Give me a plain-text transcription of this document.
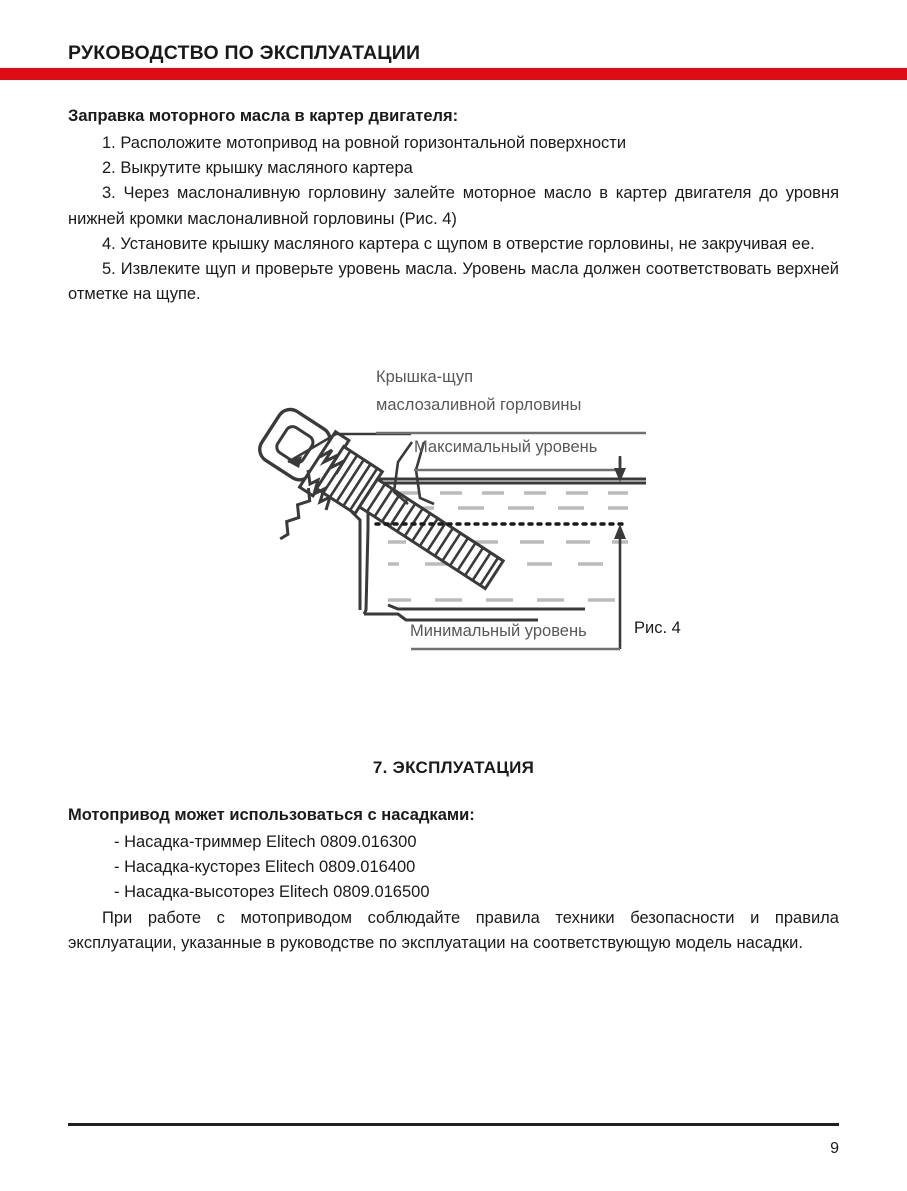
РУКОВОДСТВО ПО ЭКСПЛУАТАЦИИ

Заправка моторного масла в картер двигателя:

1. Расположите мотопривод на ровной горизонтальной поверхности

2. Выкрутите крышку масляного картера

3. Через маслоналивную горловину залейте моторное масло в картер двигателя до уровня нижней кромки маслоналивной горловины (Рис. 4)

4. Установите крышку масляного картера с щупом в отверстие горловины, не закручивая ее.

5. Извлеките щуп и проверьте уровень масла. Уровень масла должен соответствовать верхней отметке на щупе.

Крышка-щуп
маслозаливной горловины
Максимальный уровень
Минимальный уровень	Рис. 4
7. ЭКСПЛУАТАЦИЯ

Мотопривод может использоваться с насадками:

- Насадка-триммер Elitech 0809.016300

- Насадка-кусторез Elitech 0809.016400

- Насадка-высоторез Elitech 0809.016500

При работе с мотоприводом соблюдайте правила техники безопасности и правила эксплуатации, указанные в руководстве по эксплуатации на соответствующую модель насадки.

9
